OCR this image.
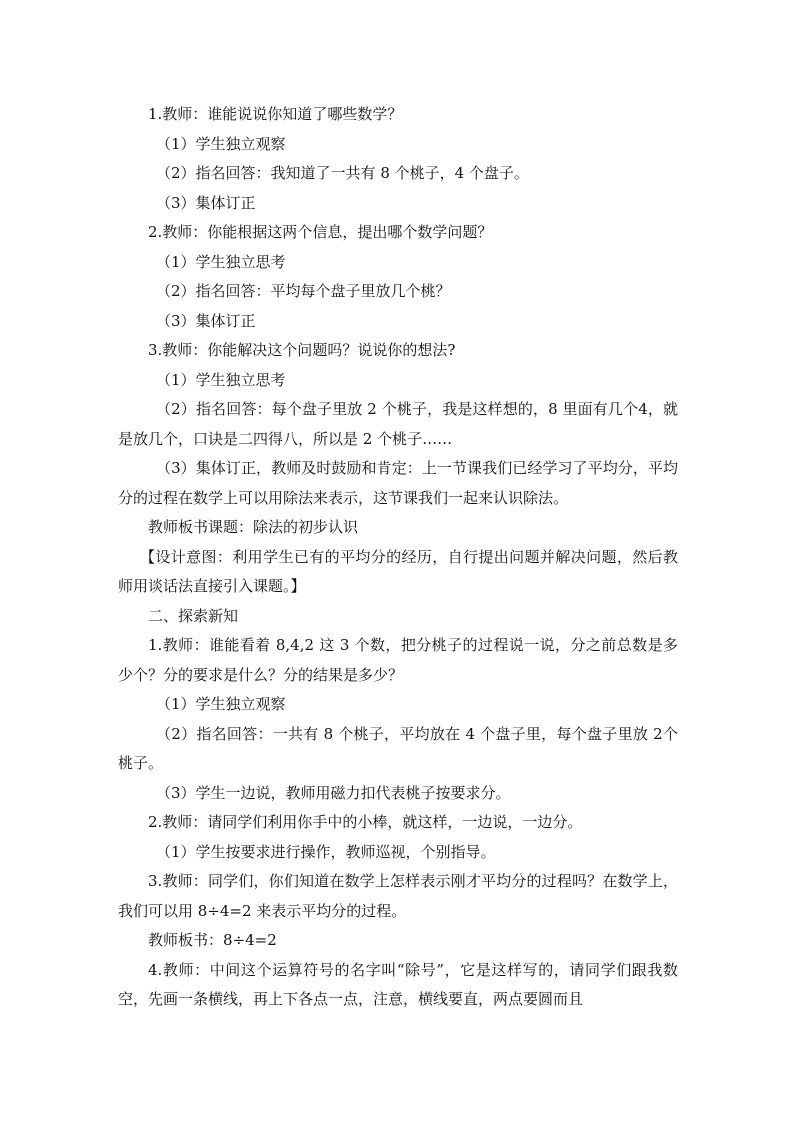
1.教师：谁能说说你知道了哪些数学？

（1）学生独立观察

（2）指名回答：我知道了一共有 8 个桃子，4 个盘子。

（3）集体订正

2.教师：你能根据这两个信息，提出哪个数学问题？

（1）学生独立思考

（2）指名回答：平均每个盘子里放几个桃？

（3）集体订正

3.教师：你能解决这个问题吗？说说你的想法?

（1）学生独立思考

（2）指名回答：每个盘子里放 2 个桃子，我是这样想的，8 里面有几个4，就是放几个，口诀是二四得八，所以是 2 个桃子……

（3）集体订正，教师及时鼓励和肯定：上一节课我们已经学习了平均分，平均分的过程在数学上可以用除法来表示，这节课我们一起来认识除法。

教师板书课题：除法的初步认识

【设计意图：利用学生已有的平均分的经历，自行提出问题并解决问题，然后教师用谈话法直接引入课题。】

二、探索新知

1.教师：谁能看着 8,4,2 这 3 个数，把分桃子的过程说一说，分之前总数是多少个？分的要求是什么？分的结果是多少？

（1）学生独立观察

（2）指名回答：一共有 8 个桃子，平均放在 4 个盘子里，每个盘子里放 2个桃子。

（3）学生一边说，教师用磁力扣代表桃子按要求分。

2.教师：请同学们利用你手中的小棒，就这样，一边说，一边分。

（1）学生按要求进行操作，教师巡视，个别指导。

3.教师：同学们，你们知道在数学上怎样表示刚才平均分的过程吗？在数学上，我们可以用 8÷4=2 来表示平均分的过程。

教师板书：8÷4=2

4.教师：中间这个运算符号的名字叫“除号”，它是这样写的，请同学们跟我数空，先画一条横线，再上下各点一点，注意，横线要直，两点要圆而且
